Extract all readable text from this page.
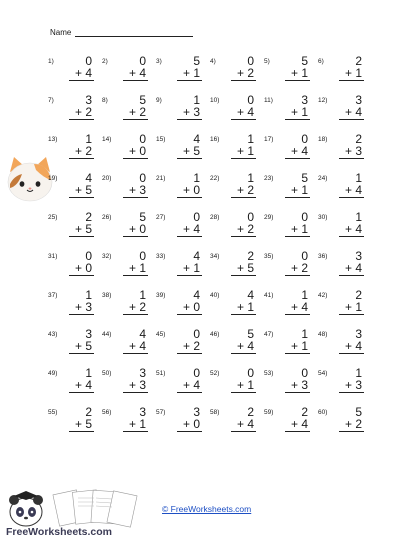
Name
1)	0
+ 4
2)	0
+ 4
3)	5
+ 1
4)	0
+ 2
5)	5
+ 1
6)	2
+ 1
7)	3
+ 2
8)	5
+ 2
9)	1
+ 3
10) 0
+ 4
11) 3
+ 1
12) 3
+ 4
13) 1
+ 2
14) 0
+ 0
15) 4
+ 5
16) 1
+ 1
17) 0
+ 4
18) 2
+ 3
19) 4
+ 5
20) 0
+ 3
21) 1
+ 0
22) 1
+ 2
23) 5
+ 1
24) 1
+ 4
25) 2
+ 5
26) 5
+ 0
27) 0
+ 4
28) 0
+ 2
29) 0
+ 1
30) 1
+ 4
31) 0
+ 0
32) 0
+ 1
33) 4
+ 1
34) 2
+ 5
35) 0
+ 2
36) 3
+ 4
37) 1
+ 3
38) 1
+ 2
39) 4
+ 0
40) 4
+ 1
41) 1
+ 4
42) 2
+ 1
43) 3
+ 5
44) 4
+ 4
45) 0
+ 2
46) 5
+ 4
47) 1
+ 1
48) 3
+ 4
49) 1
+ 4
50) 3
+ 3
51) 0
+ 4
52) 0
+ 1
53) 0
+ 3
54) 1
+ 3
55) 2
+ 5
56) 3
+ 1
57) 3
+ 0
58) 2
+ 4
59) 2
+ 4
60) 5
+ 2
FreeWorksheets.com
© FreeWorksheets.com
